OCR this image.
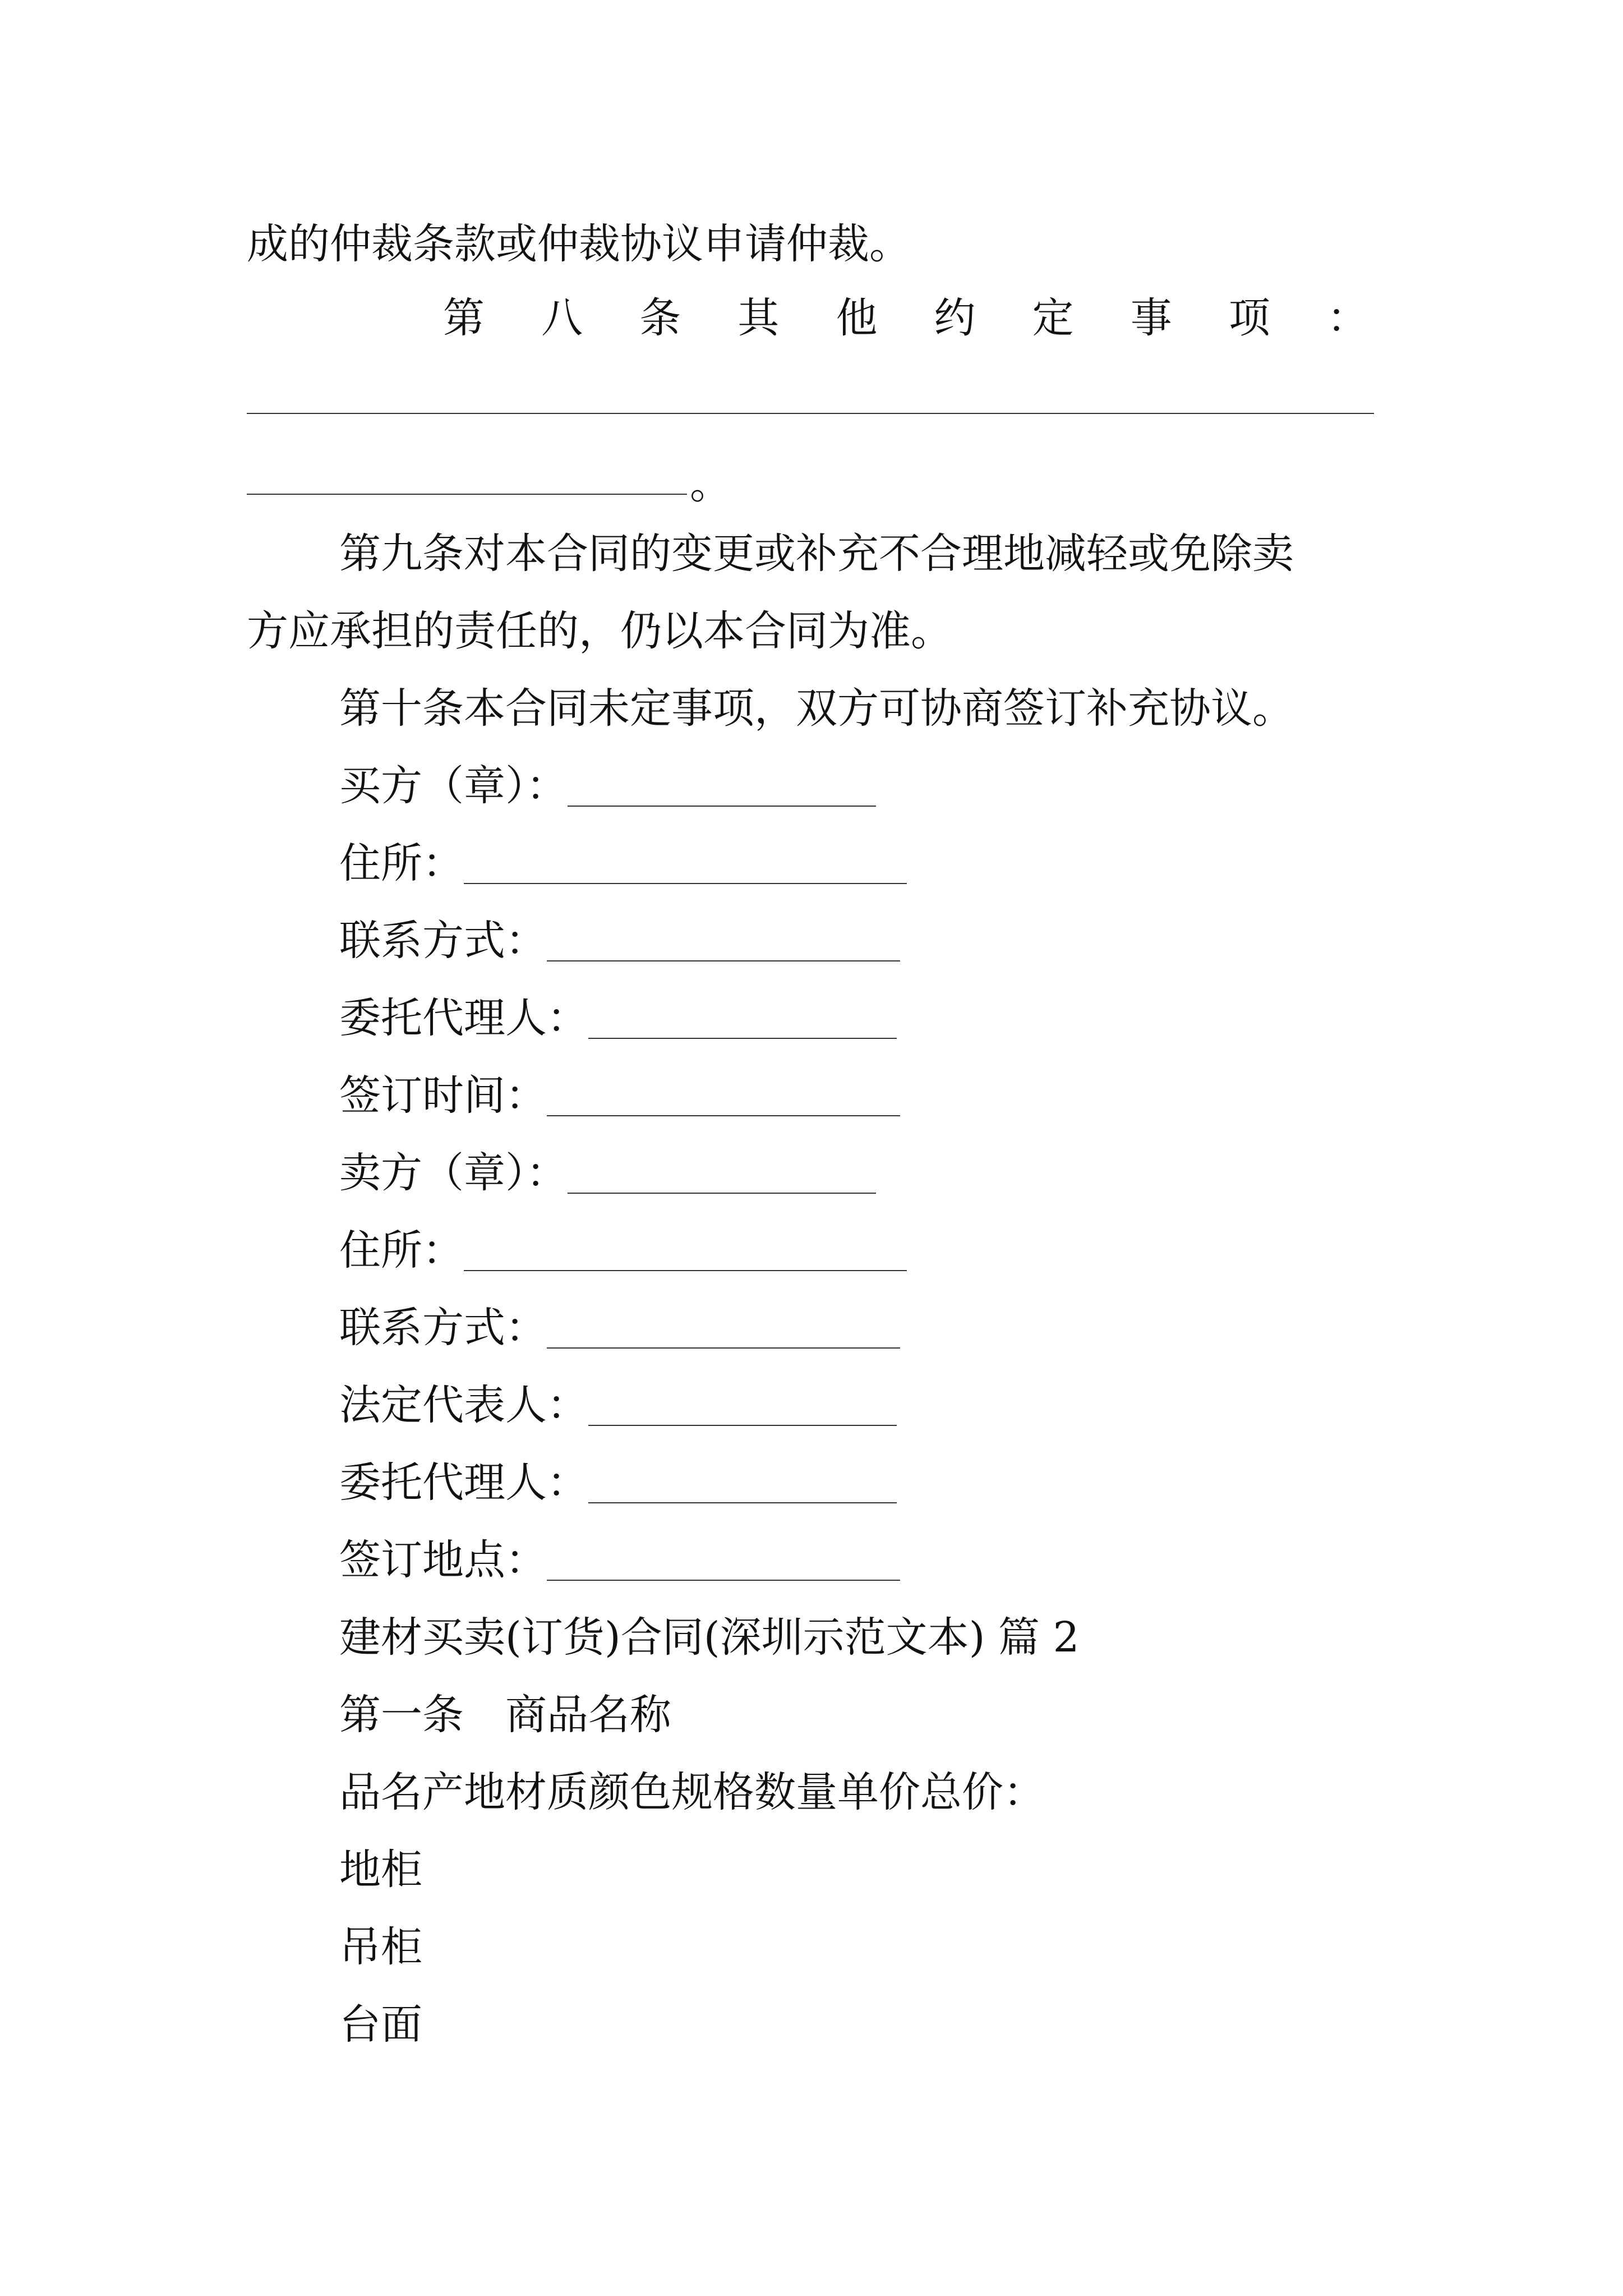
成的仲裁条款或仲裁协议申请仲裁。
第 八 条 其 他 约 定 事 项 ：
。
第九条对本合同的变更或补充不合理地减轻或免除卖
方应承担的责任的，仍以本合同为准。
第十条本合同未定事项，双方可协商签订补充协议。
买方（章）：
住所：
联系方式：
委托代理人：
签订时间：
卖方（章）：
住所：
联系方式：
法定代表人：
委托代理人：
签订地点：
建材买卖(订货)合同(深圳示范文本) 篇 2
第一条　商品名称
品名产地材质颜色规格数量单价总价：
地柜
吊柜
台面
